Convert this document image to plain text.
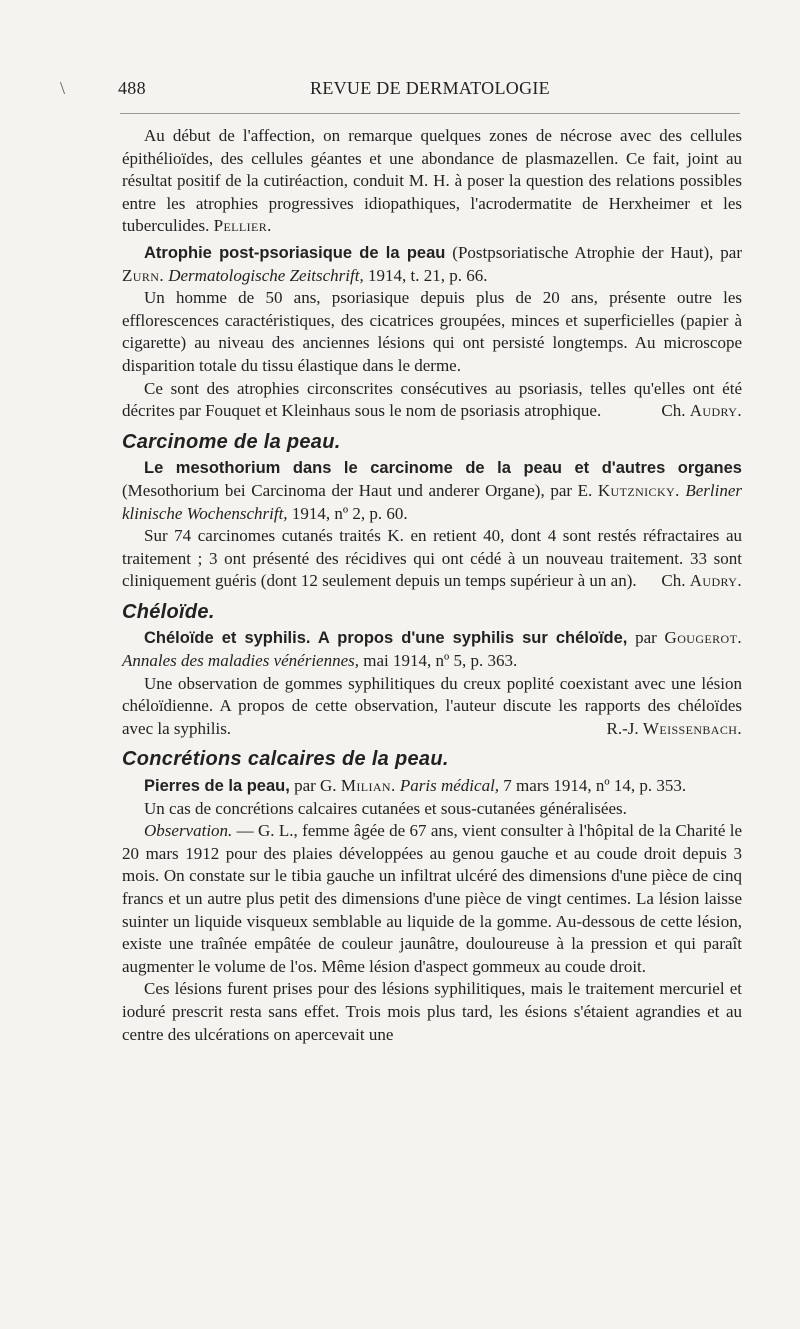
\	488	REVUE DE DERMATOLOGIE

Au début de l'affection, on remarque quelques zones de nécrose avec des cellules épithélioïdes, des cellules géantes et une abondance de plasmazellen. Ce fait, joint au résultat positif de la cutiréaction, conduit M. H. à poser la question des relations possibles entre les atrophies progressives idiopathiques, l'acrodermatite de Herxheimer et les tuberculides. Pellier.

Atrophie post-psoriasique de la peau (Postpsoriatische Atrophie der Haut), par Zurn. Dermatologische Zeitschrift, 1914, t. 21, p. 66.

Un homme de 50 ans, psoriasique depuis plus de 20 ans, présente outre les efflorescences caractéristiques, des cicatrices groupées, minces et superficielles (papier à cigarette) au niveau des anciennes lésions qui ont persisté longtemps. Au microscope disparition totale du tissu élastique dans le derme.

Ce sont des atrophies circonscrites consécutives au psoriasis, telles qu'elles ont été décrites par Fouquet et Kleinhaus sous le nom de psoriasis atrophique.	Ch. Audry.

Carcinome de la peau.

Le mesothorium dans le carcinome de la peau et d'autres organes (Mesothorium bei Carcinoma der Haut und anderer Organe), par E. Kutznicky. Berliner klinische Wochenschrift, 1914, nº 2, p. 60.

Sur 74 carcinomes cutanés traités K. en retient 40, dont 4 sont restés réfractaires au traitement ; 3 ont présenté des récidives qui ont cédé à un nouveau traitement. 33 sont cliniquement guéris (dont 12 seulement depuis un temps supérieur à un an). Ch. Audry.

Chéloïde.

Chéloïde et syphilis. A propos d'une syphilis sur chéloïde, par Gougerot. Annales des maladies vénériennes, mai 1914, nº 5, p. 363.

Une observation de gommes syphilitiques du creux poplité coexistant avec une lésion chéloïdienne. A propos de cette observation, l'auteur discute les rapports des chéloïdes avec la syphilis.	R.-J. Weissenbach.

Concrétions calcaires de la peau.

Pierres de la peau, par G. Milian. Paris médical, 7 mars 1914, nº 14, p. 353.

Un cas de concrétions calcaires cutanées et sous-cutanées généralisées.

Observation. — G. L., femme âgée de 67 ans, vient consulter à l'hôpital de la Charité le 20 mars 1912 pour des plaies développées au genou gauche et au coude droit depuis 3 mois. On constate sur le tibia gauche un infiltrat ulcéré des dimensions d'une pièce de cinq francs et un autre plus petit des dimensions d'une pièce de vingt centimes. La lésion laisse suinter un liquide visqueux semblable au liquide de la gomme. Au-dessous de cette lésion, existe une traînée empâtée de couleur jaunâtre, douloureuse à la pression et qui paraît augmenter le volume de l'os. Même lésion d'aspect gommeux au coude droit.

Ces lésions furent prises pour des lésions syphilitiques, mais le traitement mercuriel et ioduré prescrit resta sans effet. Trois mois plus tard, les ésions s'étaient agrandies et au centre des ulcérations on apercevait une
